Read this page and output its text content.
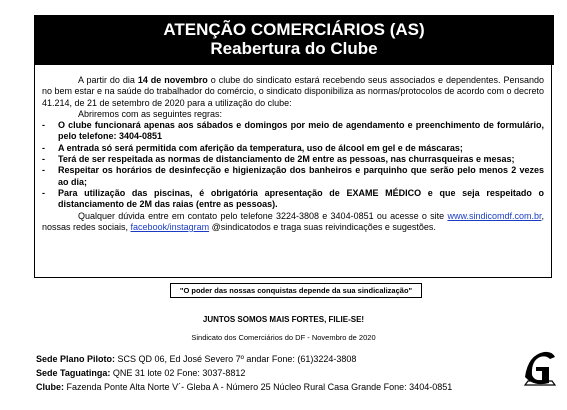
ATENÇÃO COMERCIÁRIOS (AS)
Reabertura do Clube

A partir do dia 14 de novembro o clube do sindicato estará recebendo seus associados e dependentes. Pensando no bem estar e na saúde do trabalhador do comércio, o sindicato disponibiliza as normas/protocolos de acordo com o decreto 41.214, de 21 de setembro de 2020 para a utilização do clube:

Abriremos com as seguintes regras:

-	O clube funcionará apenas aos sábados e domingos por meio de agendamento e preenchimento de formulário, pelo telefone: 3404-0851
-	A entrada só será permitida com aferição da temperatura, uso de álcool em gel e de máscaras;
-	Terá de ser respeitada as normas de distanciamento de 2M entre as pessoas, nas churrasqueiras e mesas;
-	Respeitar os horários de desinfecção e higienização dos banheiros e parquinho que serão pelo menos 2 vezes ao dia;
-	Para utilização das piscinas, é obrigatória apresentação de EXAME MÉDICO e que seja respeitado o distanciamento de 2M das raias (entre as pessoas).

Qualquer dúvida entre em contato pelo telefone 3224-3808 e 3404-0851 ou acesse o site www.sindicomdf.com.br, nossas redes sociais, facebook/instagram @sindicatodos e traga suas reivindicações e sugestões.

"O poder das nossas conquistas depende da sua sindicalização"
JUNTOS SOMOS MAIS FORTES, FILIE-SE!
Sindicato dos Comerciários do DF - Novembro de 2020
Sede Plano Piloto: SCS QD 06, Ed José Severo 7º andar Fone: (61)3224-3808
Sede Taguatinga: QNE 31 lote 02 Fone: 3037-8812
Clube: Fazenda Ponte Alta Norte V´- Gleba A - Número 25 Núcleo Rural Casa Grande Fone: 3404-0851
